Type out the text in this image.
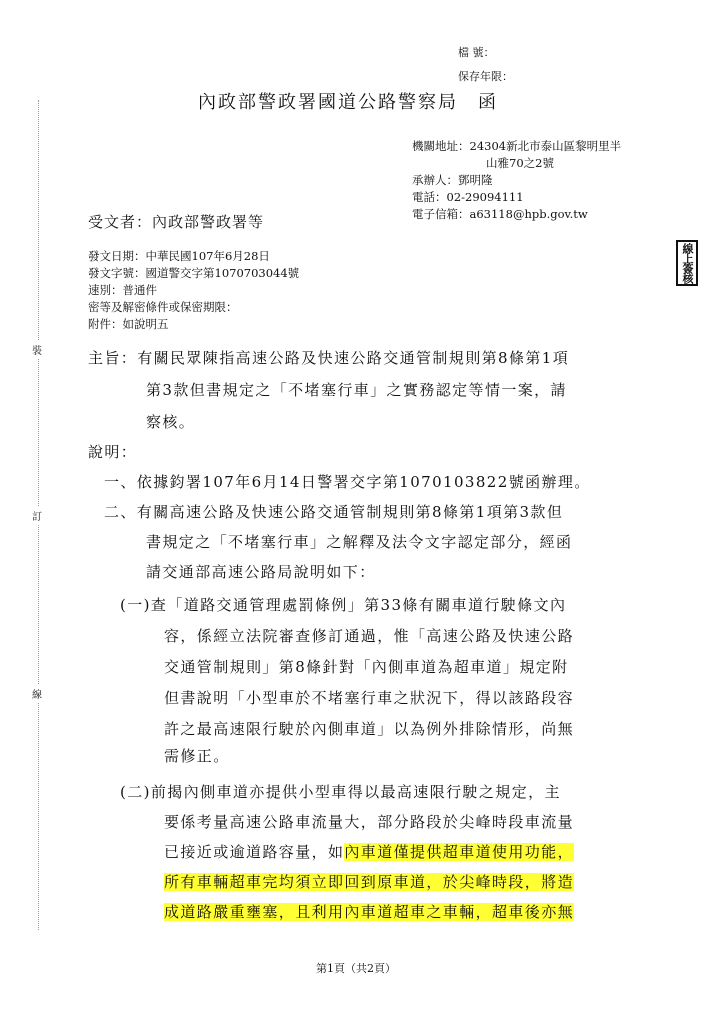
檔 號：
保存年限：
內政部警政署國道公路警察局　函
機關地址：24304新北市泰山區黎明里半
山雅70之2號
承辦人：鄧明隆
電話：02-29094111
電子信箱：a63118@hpb.gov.tw
受文者：內政部警政署等
發文日期：中華民國107年6月28日
發文字號：國道警交字第1070703044號
速別：普通件
密等及解密條件或保密期限：
附件：如說明五
裝
訂
線
線上簽核
主旨：有關民眾陳指高速公路及快速公路交通管制規則第8條第1項
第3款但書規定之「不堵塞行車」之實務認定等情一案，請
察核。
說明：
一、依據鈞署107年6月14日警署交字第1070103822號函辦理。
二、有關高速公路及快速公路交通管制規則第8條第1項第3款但
書規定之「不堵塞行車」之解釋及法令文字認定部分，經函
請交通部高速公路局說明如下：
(一)查「道路交通管理處罰條例」第33條有關車道行駛條文內
容，係經立法院審查修訂通過，惟「高速公路及快速公路
交通管制規則」第8條針對「內側車道為超車道」規定附
但書說明「小型車於不堵塞行車之狀況下，得以該路段容
許之最高速限行駛於內側車道」以為例外排除情形，尚無
需修正。
(二)前揭內側車道亦提供小型車得以最高速限行駛之規定，主
要係考量高速公路車流量大，部分路段於尖峰時段車流量
已接近或逾道路容量，如內車道僅提供超車道使用功能，
所有車輛超車完均須立即回到原車道，於尖峰時段，將造
成道路嚴重壅塞，且利用內車道超車之車輛，超車後亦無
第1頁（共2頁）
